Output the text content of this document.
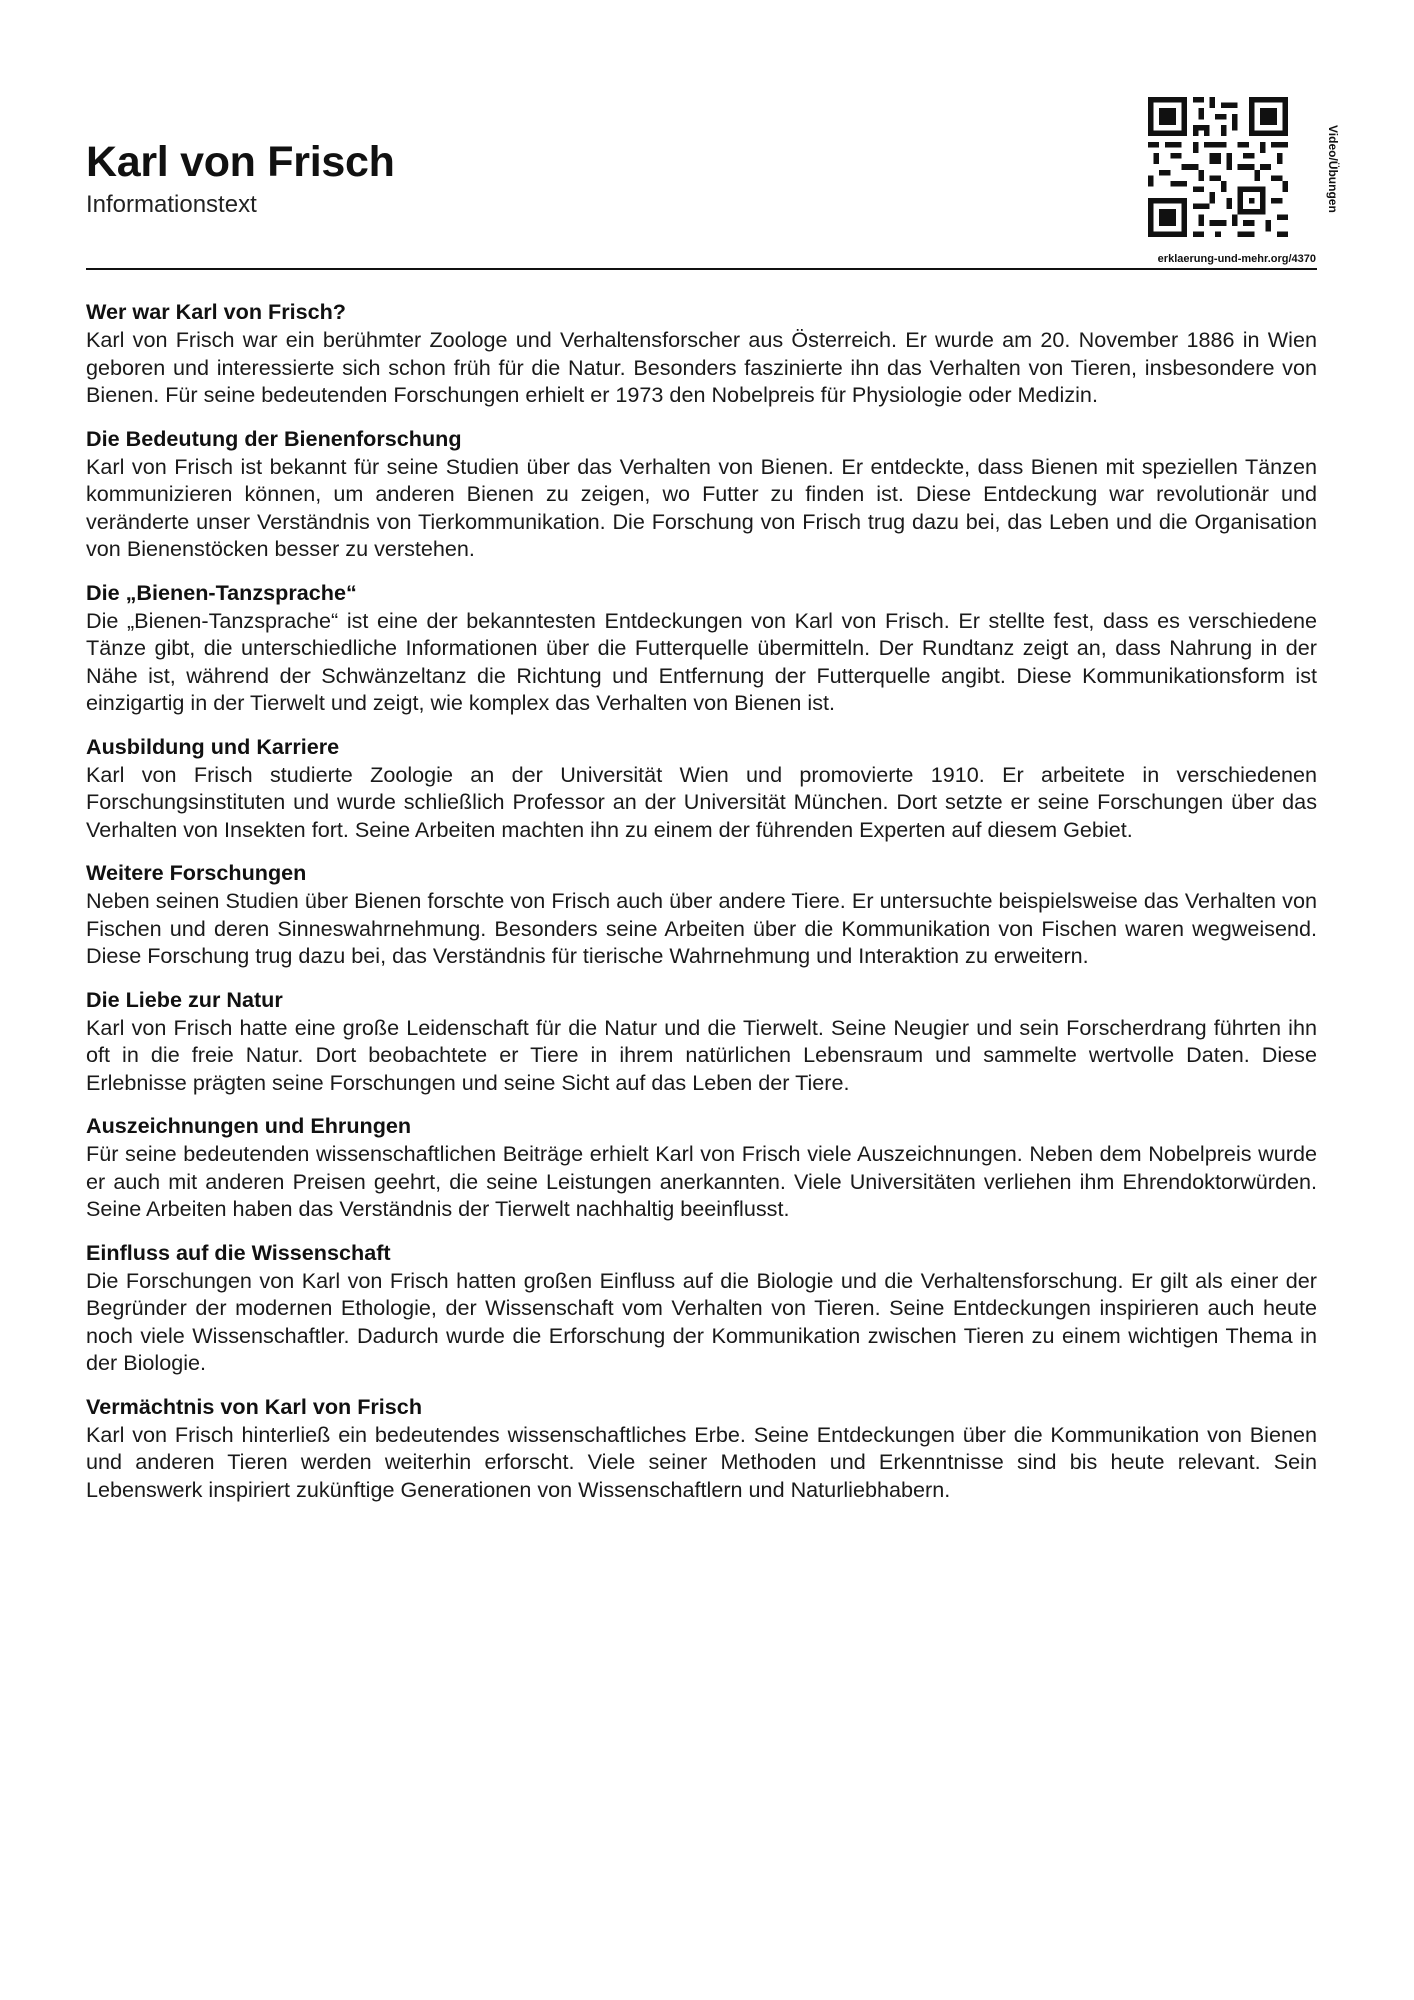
Karl von Frisch
Informationstext	Video/Übungen
erklaerung-und-mehr.org/4370
Wer war Karl von Frisch?

Karl von Frisch war ein berühmter Zoologe und Verhaltensforscher aus Österreich. Er wurde am 20. November 1886 in Wien geboren und interessierte sich schon früh für die Natur. Besonders faszinierte ihn das Verhalten von Tieren, insbesondere von Bienen. Für seine bedeutenden Forschungen erhielt er 1973 den Nobelpreis für Physiologie oder Medizin.

Die Bedeutung der Bienenforschung

Karl von Frisch ist bekannt für seine Studien über das Verhalten von Bienen. Er entdeckte, dass Bienen mit speziellen Tänzen kommunizieren können, um anderen Bienen zu zeigen, wo Futter zu finden ist. Diese Entdeckung war revolutionär und veränderte unser Verständnis von Tierkommunikation. Die Forschung von Frisch trug dazu bei, das Leben und die Organisation von Bienenstöcken besser zu verstehen.

Die „Bienen-Tanzsprache“

Die „Bienen-Tanzsprache“ ist eine der bekanntesten Entdeckungen von Karl von Frisch. Er stellte fest, dass es verschiedene Tänze gibt, die unterschiedliche Informationen über die Futterquelle übermitteln. Der Rundtanz zeigt an, dass Nahrung in der Nähe ist, während der Schwänzeltanz die Richtung und Entfernung der Futterquelle angibt. Diese Kommunikationsform ist einzigartig in der Tierwelt und zeigt, wie komplex das Verhalten von Bienen ist.

Ausbildung und Karriere

Karl von Frisch studierte Zoologie an der Universität Wien und promovierte 1910. Er arbeitete in verschiedenen Forschungsinstituten und wurde schließlich Professor an der Universität München. Dort setzte er seine Forschungen über das Verhalten von Insekten fort. Seine Arbeiten machten ihn zu einem der führenden Experten auf diesem Gebiet.

Weitere Forschungen

Neben seinen Studien über Bienen forschte von Frisch auch über andere Tiere. Er untersuchte beispielsweise das Verhalten von Fischen und deren Sinneswahrnehmung. Besonders seine Arbeiten über die Kommunikation von Fischen waren wegweisend. Diese Forschung trug dazu bei, das Verständnis für tierische Wahrnehmung und Interaktion zu erweitern.

Die Liebe zur Natur

Karl von Frisch hatte eine große Leidenschaft für die Natur und die Tierwelt. Seine Neugier und sein Forscherdrang führten ihn oft in die freie Natur. Dort beobachtete er Tiere in ihrem natürlichen Lebensraum und sammelte wertvolle Daten. Diese Erlebnisse prägten seine Forschungen und seine Sicht auf das Leben der Tiere.

Auszeichnungen und Ehrungen

Für seine bedeutenden wissenschaftlichen Beiträge erhielt Karl von Frisch viele Auszeichnungen. Neben dem Nobelpreis wurde er auch mit anderen Preisen geehrt, die seine Leistungen anerkannten. Viele Universitäten verliehen ihm Ehrendoktorwürden. Seine Arbeiten haben das Verständnis der Tierwelt nachhaltig beeinflusst.

Einfluss auf die Wissenschaft

Die Forschungen von Karl von Frisch hatten großen Einfluss auf die Biologie und die Verhaltensforschung. Er gilt als einer der Begründer der modernen Ethologie, der Wissenschaft vom Verhalten von Tieren. Seine Entdeckungen inspirieren auch heute noch viele Wissenschaftler. Dadurch wurde die Erforschung der Kommunikation zwischen Tieren zu einem wichtigen Thema in der Biologie.

Vermächtnis von Karl von Frisch

Karl von Frisch hinterließ ein bedeutendes wissenschaftliches Erbe. Seine Entdeckungen über die Kommunikation von Bienen und anderen Tieren werden weiterhin erforscht. Viele seiner Methoden und Erkenntnisse sind bis heute relevant. Sein Lebenswerk inspiriert zukünftige Generationen von Wissenschaftlern und Naturliebhabern.
